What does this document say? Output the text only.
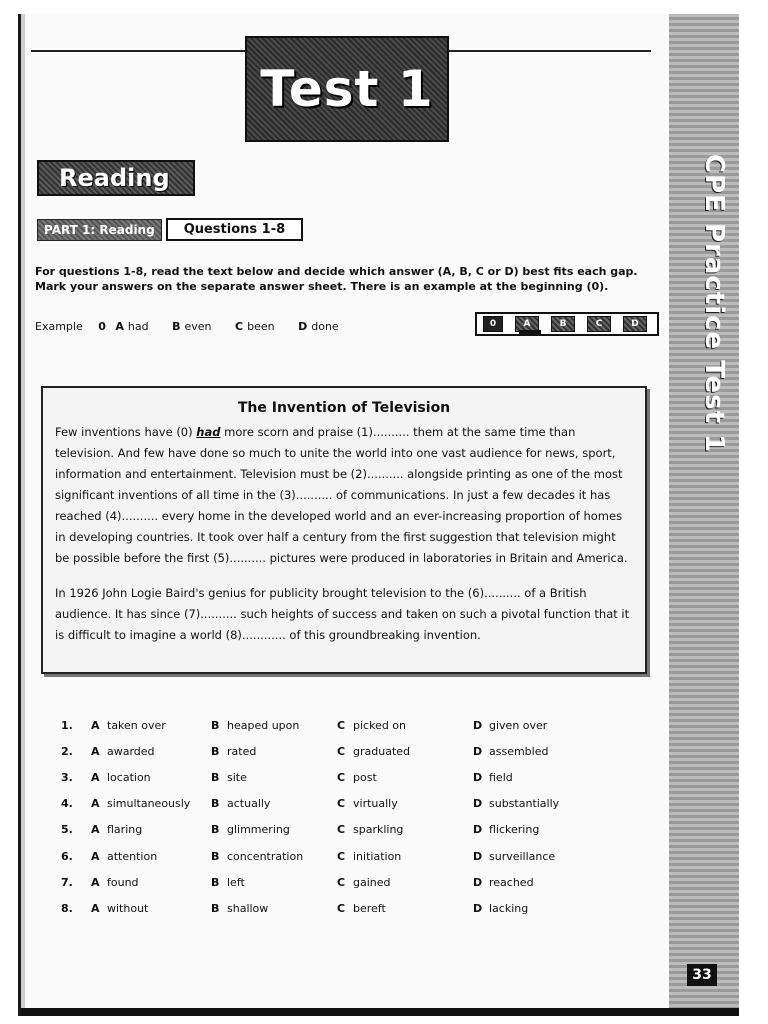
Test 1
Reading
PART 1: Reading	Questions 1-8
For questions 1-8, read the text below and decide which answer (A, B, C or D) best fits each gap. Mark your answers on the separate answer sheet. There is an example at the beginning (0).
Example 0 A had B even C been D done	0	A	B	C	D
The Invention of Television
Few inventions have (0) had more scorn and praise (1).......... them at the same time than television. And few have done so much to unite the world into one vast audience for news, sport, information and entertainment. Television must be (2).......... alongside printing as one of the most significant inventions of all time in the (3).......... of communications. In just a few decades it has reached (4).......... every home in the developed world and an ever-increasing proportion of homes in developing countries. It took over half a century from the first suggestion that television might be possible before the first (5).......... pictures were produced in laboratories in Britain and America.
In 1926 John Logie Baird's genius for publicity brought television to the (6).......... of a British audience. It has since (7).......... such heights of success and taken on such a pivotal function that it is difficult to imagine a world (8)............ of this groundbreaking invention.
1.	A taken over	B heaped upon	C picked on	D given over
2.	A awarded	B rated	C graduated	D assembled
3.	A location	B site	C post	D field
4.	A simultaneously B actually	C virtually	D substantially
5.	A flaring	B glimmering	C sparkling	D flickering
6.	A attention	B concentration	C initiation	D surveillance
7.	A found	B left	C gained	D reached
8.	A without	B shallow	C bereft	D lacking
CPE Practice Test 1
33
